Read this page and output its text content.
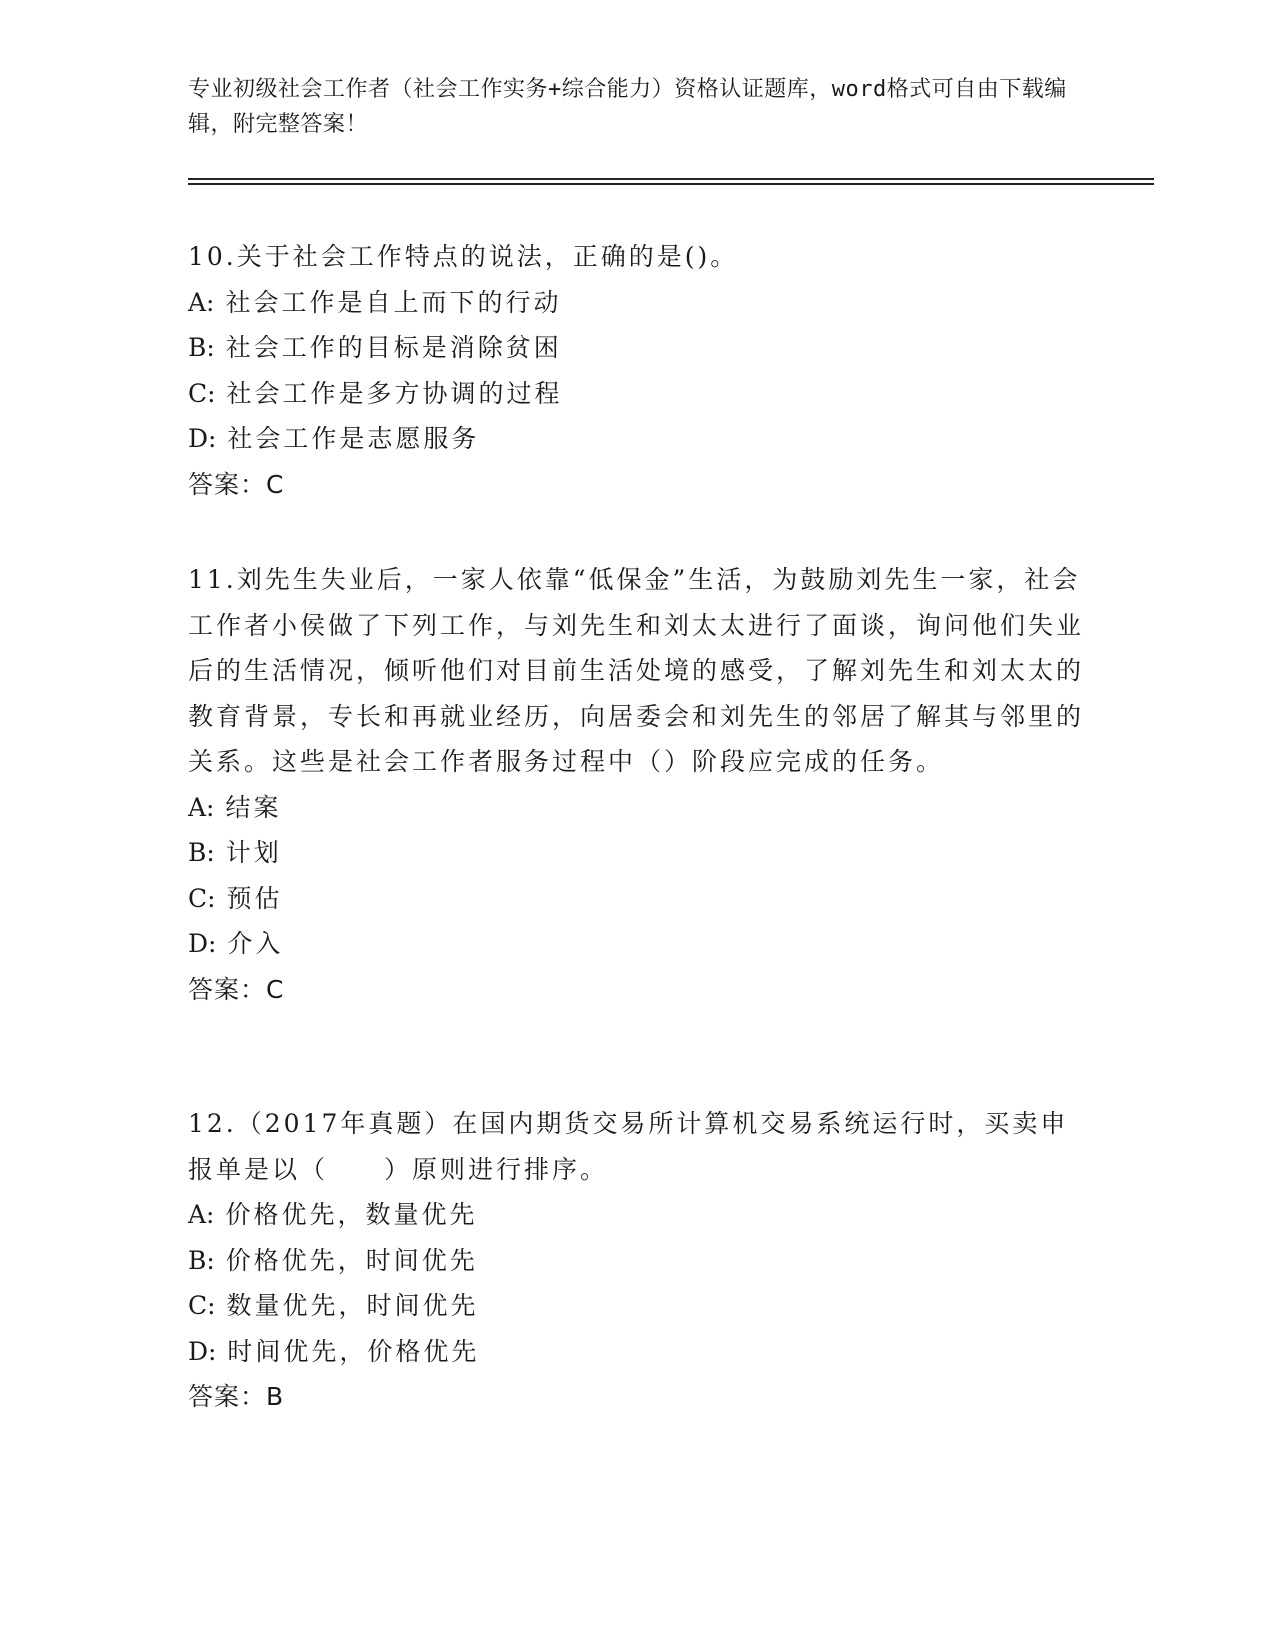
专业初级社会工作者（社会工作实务+综合能力）资格认证题库，word格式可自由下载编辑，附完整答案！

10.关于社会工作特点的说法，正确的是()。

A: 社会工作是自上而下的行动

B: 社会工作的目标是消除贫困

C: 社会工作是多方协调的过程

D: 社会工作是志愿服务

答案：C

11.刘先生失业后，一家人依靠“低保金”生活，为鼓励刘先生一家，社会工作者小侯做了下列工作，与刘先生和刘太太进行了面谈，询问他们失业后的生活情况，倾听他们对目前生活处境的感受，了解刘先生和刘太太的教育背景，专长和再就业经历，向居委会和刘先生的邻居了解其与邻里的关系。这些是社会工作者服务过程中（）阶段应完成的任务。

A: 结案

B: 计划

C: 预估

D: 介入

答案：C

12.（2017年真题）在国内期货交易所计算机交易系统运行时，买卖申报单是以（　　）原则进行排序。

A: 价格优先，数量优先

B: 价格优先，时间优先

C: 数量优先，时间优先

D: 时间优先，价格优先

答案：B
